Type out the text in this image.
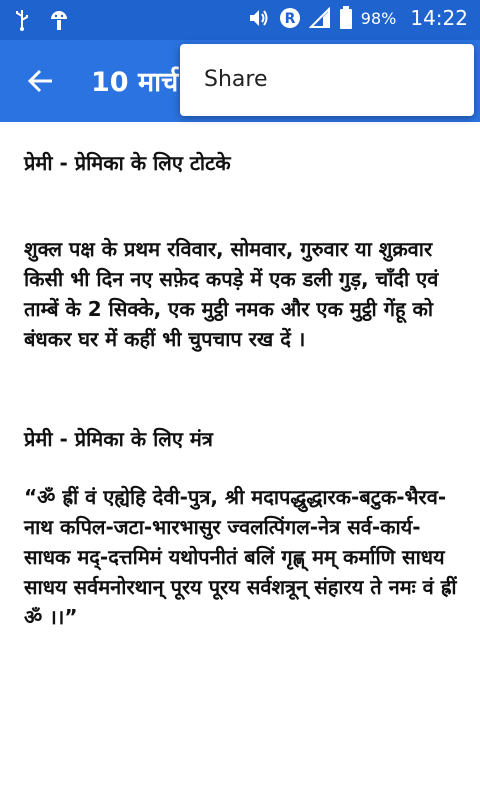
R	98% 14:22
10 मार्च Share

प्रेमी - प्रेमिका के लिए टोटके

शुक्ल पक्ष के प्रथम रविवार, सोमवार, गुरुवार या शुक्रवार किसी भी दिन नए सफ़ेद कपड़े में एक डली गुड़, चाँदी एवं ताम्बें के 2 सिक्के, एक मुट्ठी नमक और एक मुट्ठी गेंहू को बंधकर घर में कहीं भी चुपचाप रख दें ।

प्रेमी - प्रेमिका के लिए मंत्र

“ॐ ह्रीं वं एह्येहि देवी-पुत्र, श्री मदापद्धुद्धारक-बटुक-भैरव-नाथ कपिल-जटा-भारभासुर ज्वलत्पिंगल-नेत्र सर्व-कार्य-साधक मद्-दत्तमिमं यथोपनीतं बलिं गृह्ण् मम् कर्माणि साधय साधय सर्वमनोरथान् पूरय पूरय सर्वशत्रून् संहारय ते नमः वं ह्रीं ॐ ।।”
